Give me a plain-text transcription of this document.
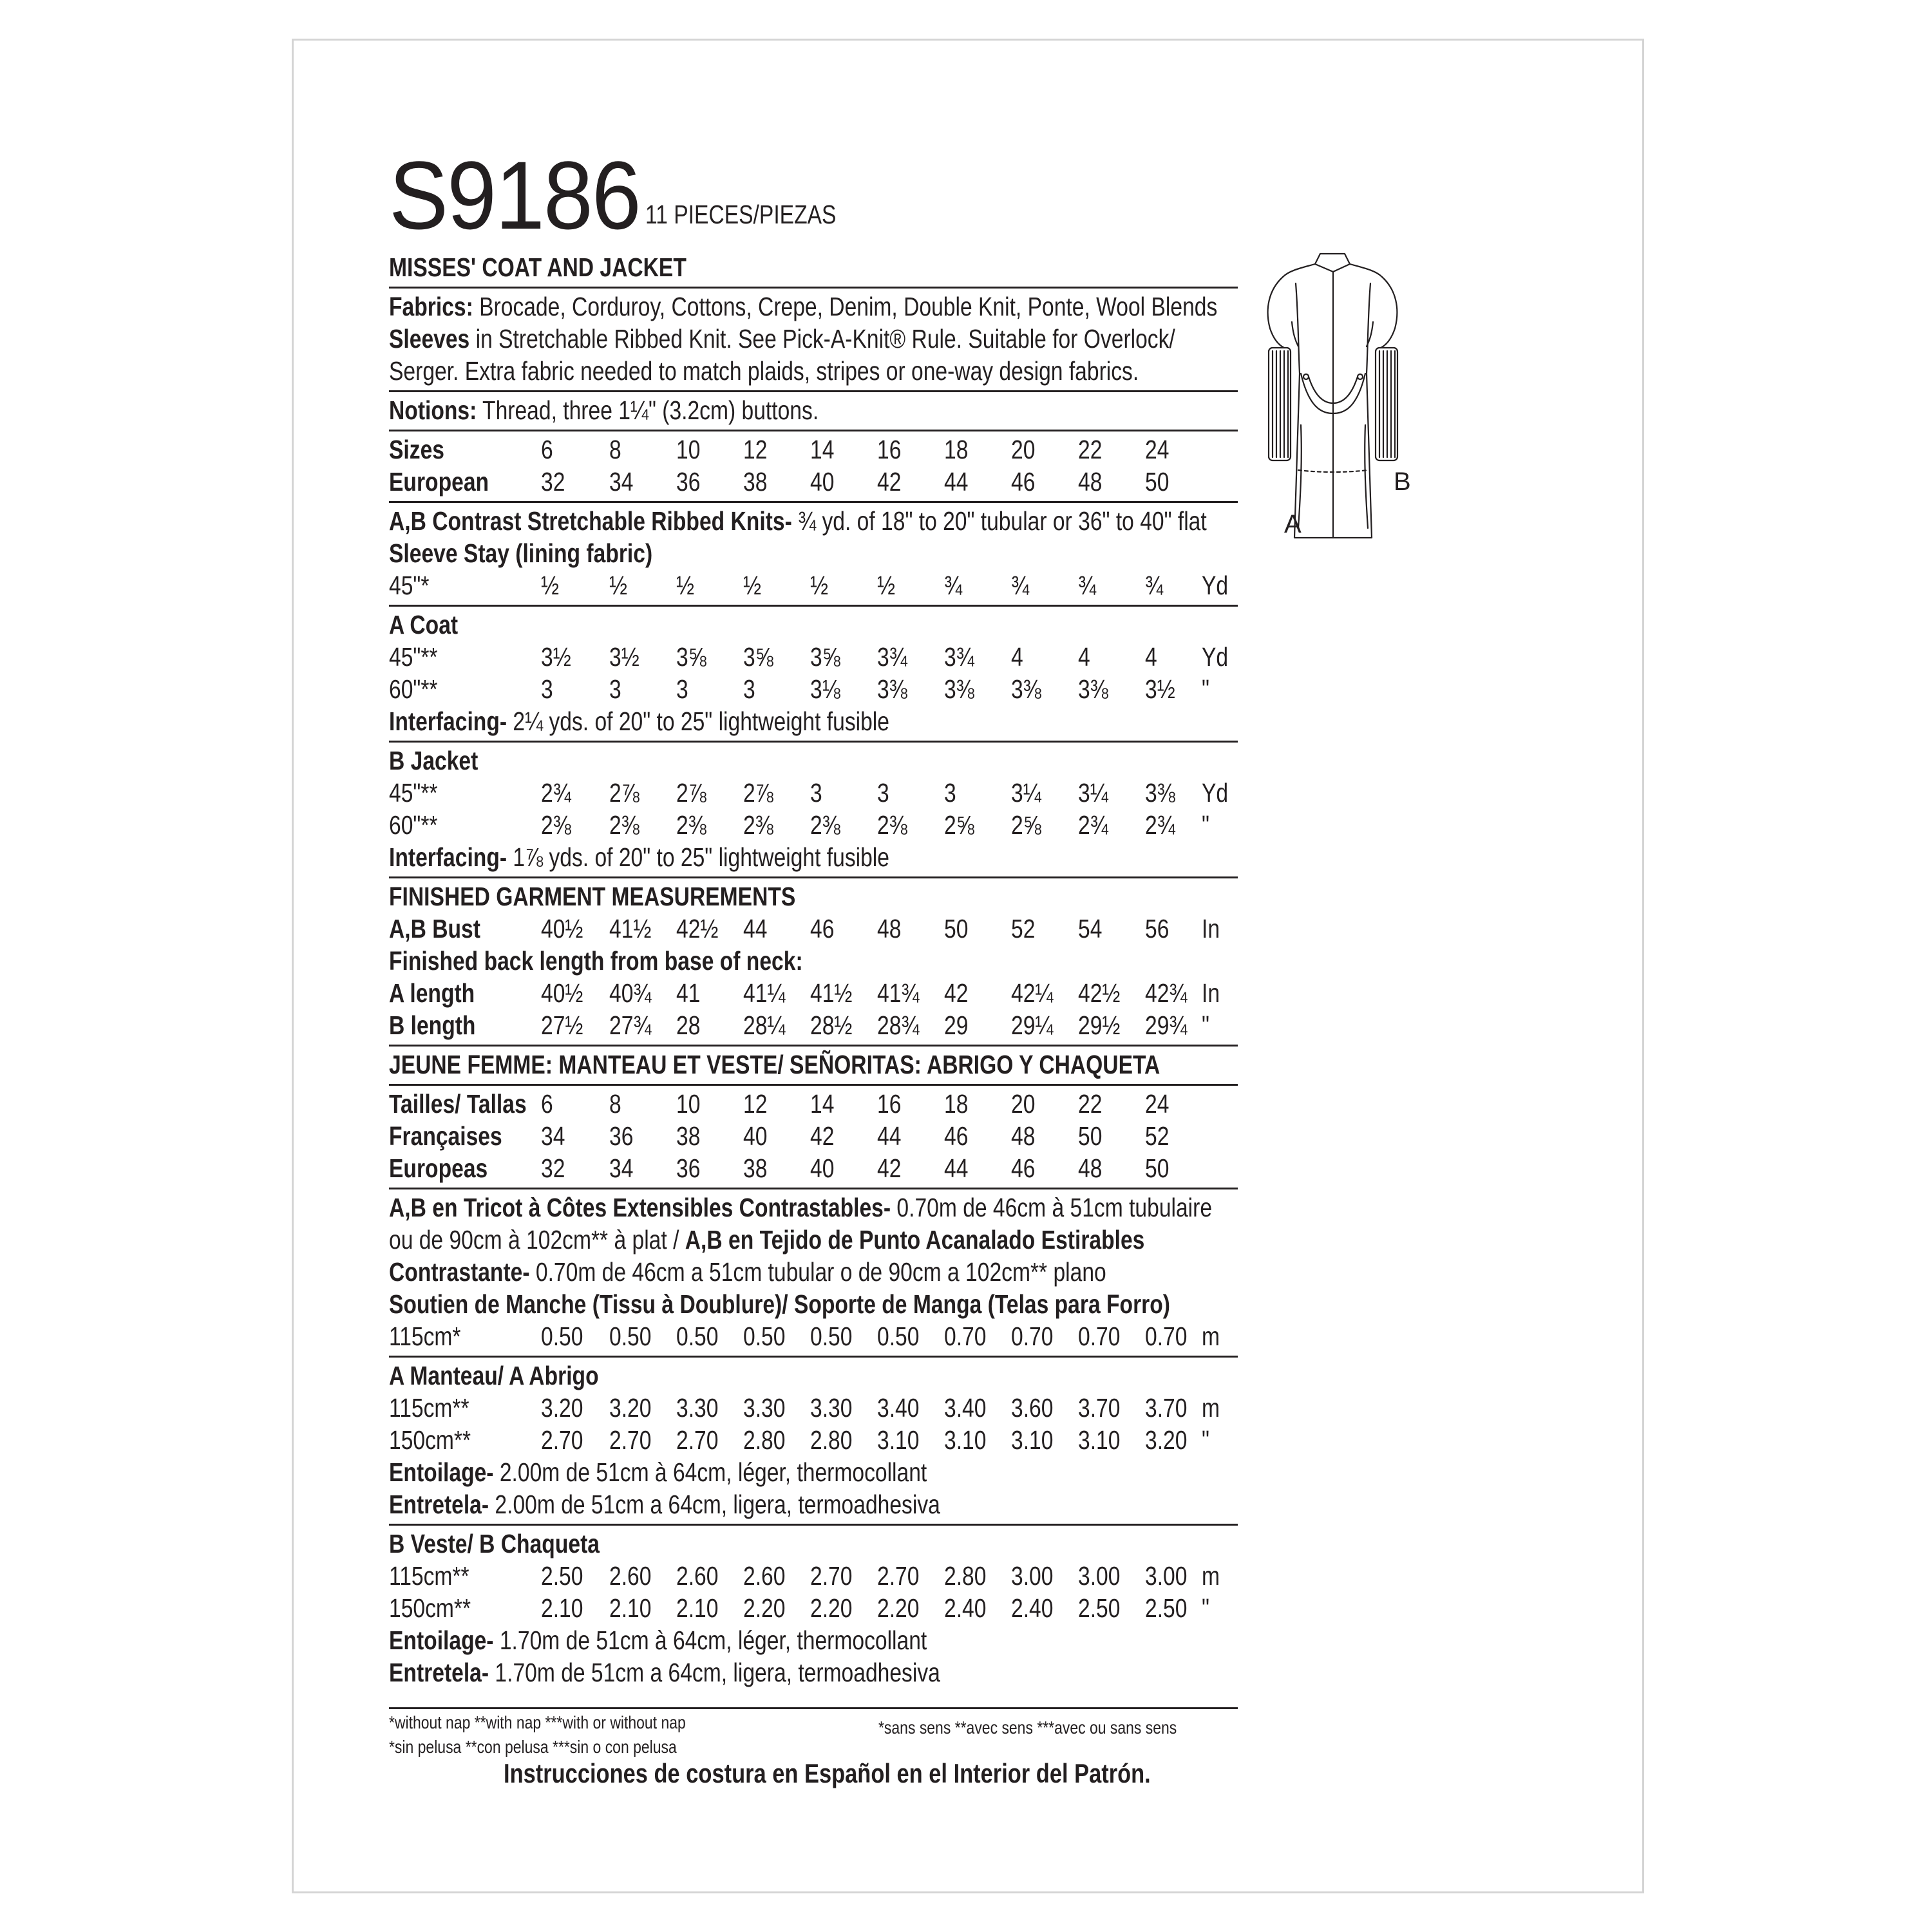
S9186 11 PIECES/PIEZAS
B
A
MISSES' COAT AND JACKET
Fabrics: Brocade, Corduroy, Cottons, Crepe, Denim, Double Knit, Ponte, Wool Blends
Sleeves in Stretchable Ribbed Knit. See Pick-A-Knit® Rule. Suitable for Overlock/
Serger. Extra fabric needed to match plaids, stripes or one-way design fabrics.
Notions: Thread, three 1¼" (3.2cm) buttons.
Sizes	6 8 10 12 14 16 18 20 22 24
European 32 34 36 38 40 42 44 46 48 50
A,B Contrast Stretchable Ribbed Knits- ¾ yd. of 18" to 20" tubular or 36" to 40" flat
Sleeve Stay (lining fabric)
45"*	½ ½ ½ ½ ½ ½ ¾ ¾ ¾ ¾ Yd
A Coat
45"**	3½ 3½ 3⅝ 3⅝ 3⅝ 3¾ 3¾ 4 4 4 Yd
60"**	3 3 3 3 3⅛ 3⅜ 3⅜ 3⅜ 3⅜ 3½ "
Interfacing- 2¼ yds. of 20" to 25" lightweight fusible
B Jacket
45"**	2¾ 2⅞ 2⅞ 2⅞ 3 3 3 3¼ 3¼ 3⅜ Yd
60"**	2⅜ 2⅜ 2⅜ 2⅜ 2⅜ 2⅜ 2⅝ 2⅝ 2¾ 2¾ "
Interfacing- 1⅞ yds. of 20" to 25" lightweight fusible
FINISHED GARMENT MEASUREMENTS
A,B Bust 40½ 41½ 42½ 44 46 48 50 52 54 56 In
Finished back length from base of neck:
A length	40½ 40¾ 41 41¼ 41½ 41¾ 42 42¼ 42½ 42¾ In
B length 27½ 27¾ 28 28¼ 28½ 28¾ 29 29¼ 29½ 29¾ "
JEUNE FEMME: MANTEAU ET VESTE/ SEÑORITAS: ABRIGO Y CHAQUETA
Tailles/ Tallas 6 8 10 12 14 16 18 20 22 24
Françaises 34 36 38 40 42 44 46 48 50 52
Europeas 32 34 36 38 40 42 44 46 48 50
A,B en Tricot à Côtes Extensibles Contrastables- 0.70m de 46cm à 51cm tubulaire
ou de 90cm à 102cm** à plat / A,B en Tejido de Punto Acanalado Estirables
Contrastante- 0.70m de 46cm a 51cm tubular o de 90cm a 102cm** plano
Soutien de Manche (Tissu à Doublure)/ Soporte de Manga (Telas para Forro)
115cm*	0.50 0.50 0.50 0.50 0.50 0.50 0.70 0.70 0.70 0.70 m
A Manteau/ A Abrigo
115cm**	3.20 3.20 3.30 3.30 3.30 3.40 3.40 3.60 3.70 3.70 m
150cm**	2.70 2.70 2.70 2.80 2.80 3.10 3.10 3.10 3.10 3.20 "
Entoilage- 2.00m de 51cm à 64cm, léger, thermocollant
Entretela- 2.00m de 51cm a 64cm, ligera, termoadhesiva
B Veste/ B Chaqueta
115cm**	2.50 2.60 2.60 2.60 2.70 2.70 2.80 3.00 3.00 3.00 m
150cm**	2.10 2.10 2.10 2.20 2.20 2.20 2.40 2.40 2.50 2.50 "
Entoilage- 1.70m de 51cm à 64cm, léger, thermocollant
Entretela- 1.70m de 51cm a 64cm, ligera, termoadhesiva
*without nap **with nap ***with or without nap	*sans sens **avec sens ***avec ou sans sens
*sin pelusa **con pelusa ***sin o con pelusa
Instrucciones de costura en Español en el Interior del Patrón.
